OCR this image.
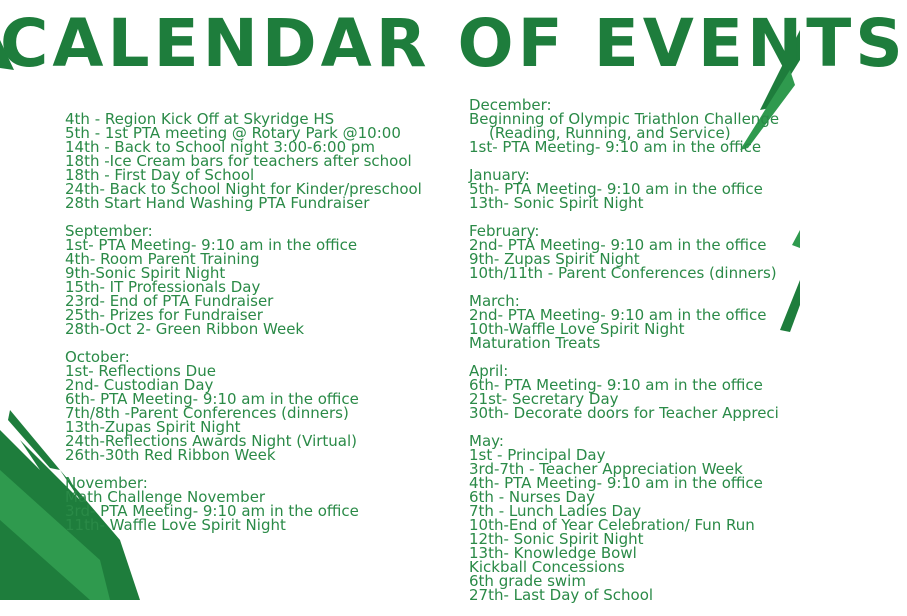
CALENDAR OF EVENTS
4th - Region Kick Off at Skyridge HS
5th - 1st PTA meeting @ Rotary Park @10:00
14th - Back to School night 3:00-6:00 pm
18th -Ice Cream bars for teachers after school
18th - First Day of School
24th- Back to School Night for Kinder/preschool
28th Start Hand Washing PTA Fundraiser
September:
1st- PTA Meeting- 9:10 am in the office
4th- Room Parent Training
9th-Sonic Spirit Night
15th- IT Professionals Day
23rd- End of PTA Fundraiser
25th- Prizes for Fundraiser
28th-Oct 2- Green Ribbon Week
October:
1st- Reflections Due
2nd- Custodian Day
6th- PTA Meeting- 9:10 am in the office
7th/8th -Parent Conferences (dinners)
13th-Zupas Spirit Night
24th-Reflections Awards Night (Virtual)
26th-30th Red Ribbon Week
November:
Math Challenge November
3rd- PTA Meeting- 9:10 am in the office
11th- Waffle Love Spirit Night
December:
Beginning of Olympic Triathlon Challenge
(Reading, Running, and Service)
1st- PTA Meeting- 9:10 am in the office
January:
5th- PTA Meeting- 9:10 am in the office
13th- Sonic Spirit Night
February:
2nd- PTA Meeting- 9:10 am in the office
9th- Zupas Spirit Night
10th/11th - Parent Conferences (dinners)
March:
2nd- PTA Meeting- 9:10 am in the office
10th-Waffle Love Spirit Night
Maturation Treats
April:
6th- PTA Meeting- 9:10 am in the office
21st- Secretary Day
30th- Decorate doors for Teacher Appreci
May:
1st - Principal Day
3rd-7th - Teacher Appreciation Week
4th- PTA Meeting- 9:10 am in the office
6th - Nurses Day
7th - Lunch Ladies Day
10th-End of Year Celebration/ Fun Run
12th- Sonic Spirit Night
13th- Knowledge Bowl
Kickball Concessions
6th grade swim
27th- Last Day of School
